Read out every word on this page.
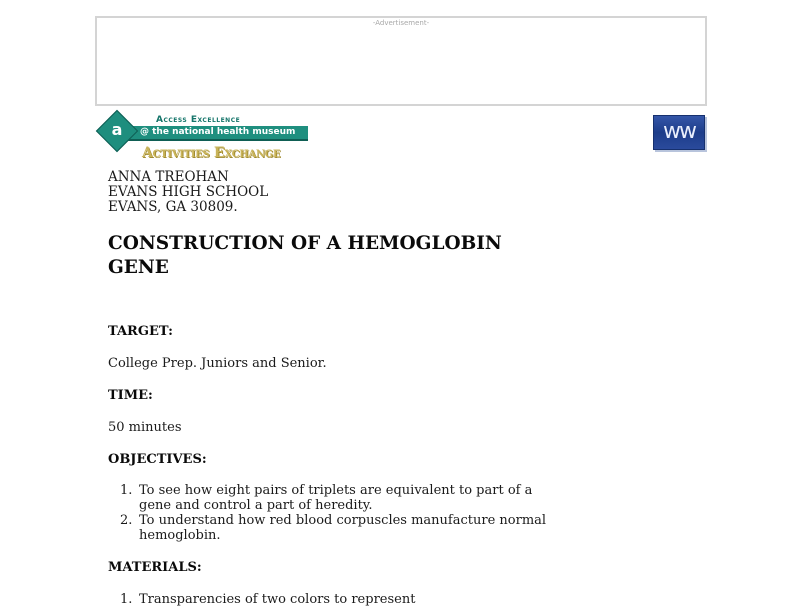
-Advertisement-
@ the national health museum
a	Access Excellence
Activities Exchange
ww

ANNA TREOHAN

EVANS HIGH SCHOOL

EVANS, GA 30809.

CONSTRUCTION OF A HEMOGLOBIN GENE
TARGET:

College Prep. Juniors and Senior.

TIME:

50 minutes

OBJECTIVES:
1. To see how eight pairs of triplets are equivalent to part of a gene and control a part of heredity.
2. To understand how red blood corpuscles manufacture normal hemoglobin.
MATERIALS:
1. Transparencies of two colors to represent
